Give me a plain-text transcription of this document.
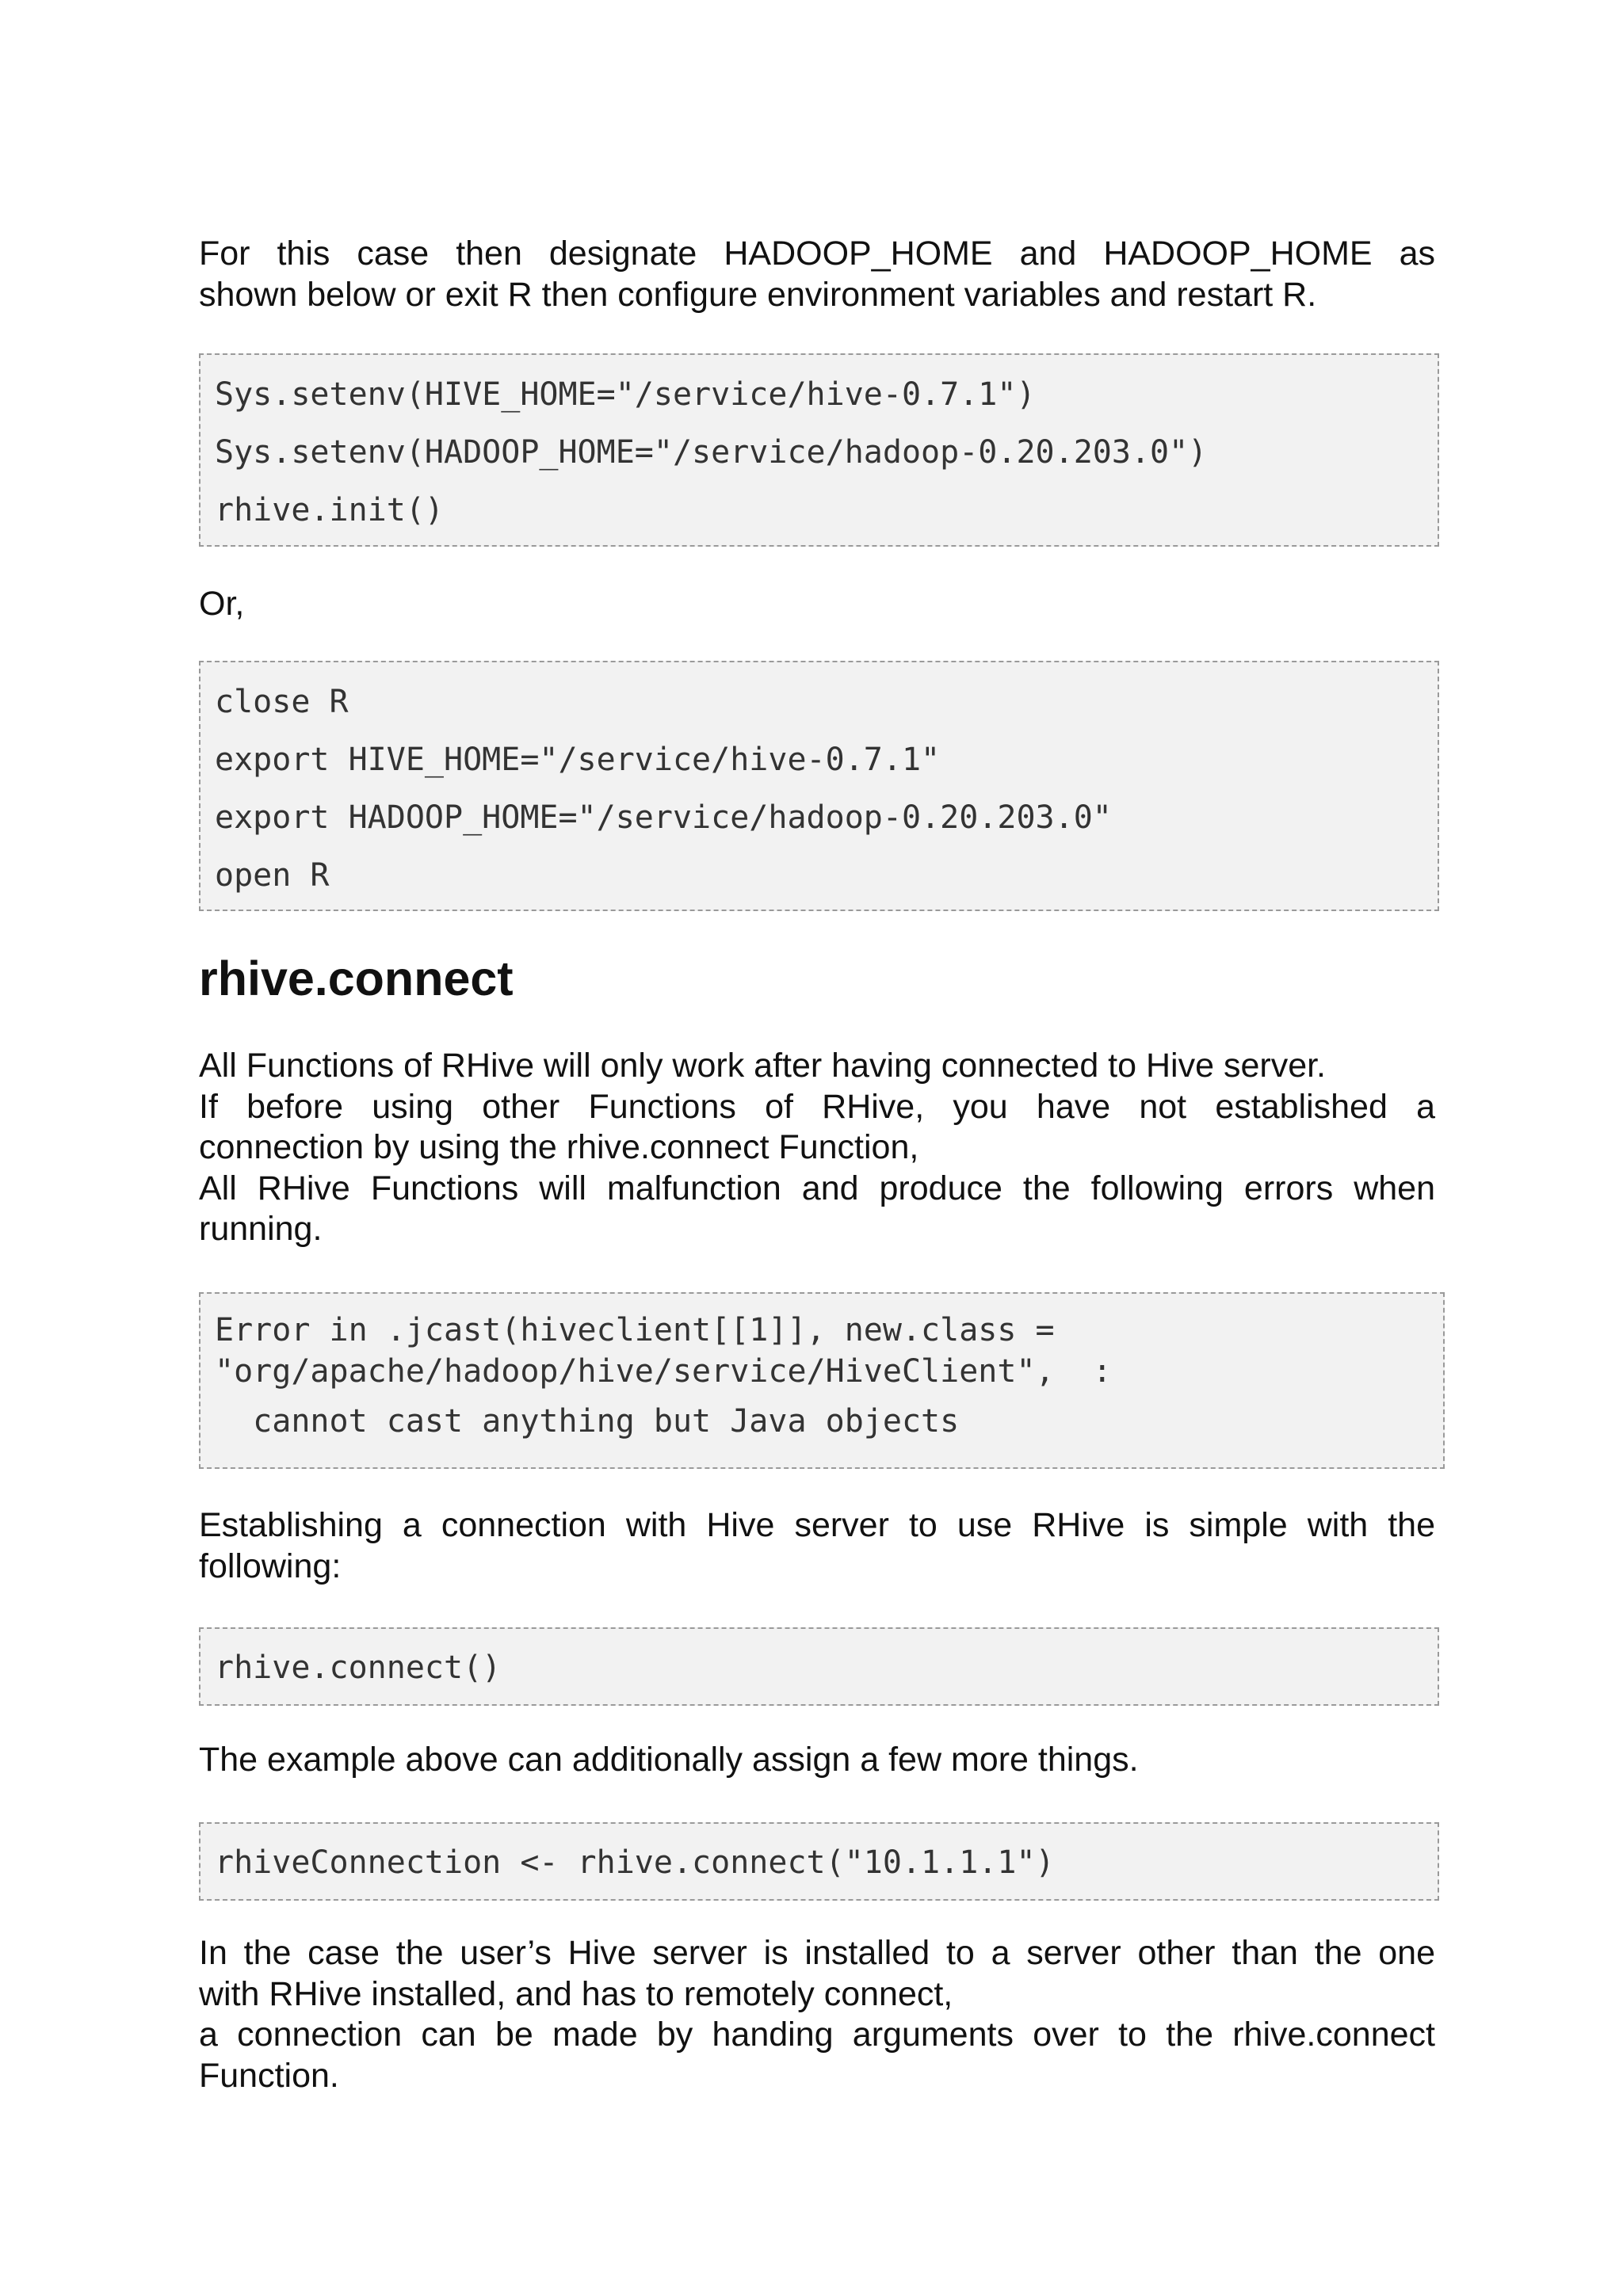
For this case then designate HADOOP_HOME and HADOOP_HOME as
shown below or exit R then configure environment variables and restart R.
Sys.setenv(HIVE_HOME="/service/hive-0.7.1")
Sys.setenv(HADOOP_HOME="/service/hadoop-0.20.203.0")
rhive.init()
Or,
close R
export HIVE_HOME="/service/hive-0.7.1"
export HADOOP_HOME="/service/hadoop-0.20.203.0"
open R
rhive.connect
All Functions of RHive will only work after having connected to Hive server.
If before using other Functions of RHive, you have not established a
connection by using the rhive.connect Function,
All RHive Functions will malfunction and produce the following errors when
running.
Error in .jcast(hiveclient[[1]], new.class =
"org/apache/hadoop/hive/service/HiveClient",  :
cannot cast anything but Java objects
Establishing a connection with Hive server to use RHive is simple with the
following:
rhive.connect()
The example above can additionally assign a few more things.
rhiveConnection <- rhive.connect("10.1.1.1")
In the case the user’s Hive server is installed to a server other than the one
with RHive installed, and has to remotely connect,
a connection can be made by handing arguments over to the rhive.connect
Function.
